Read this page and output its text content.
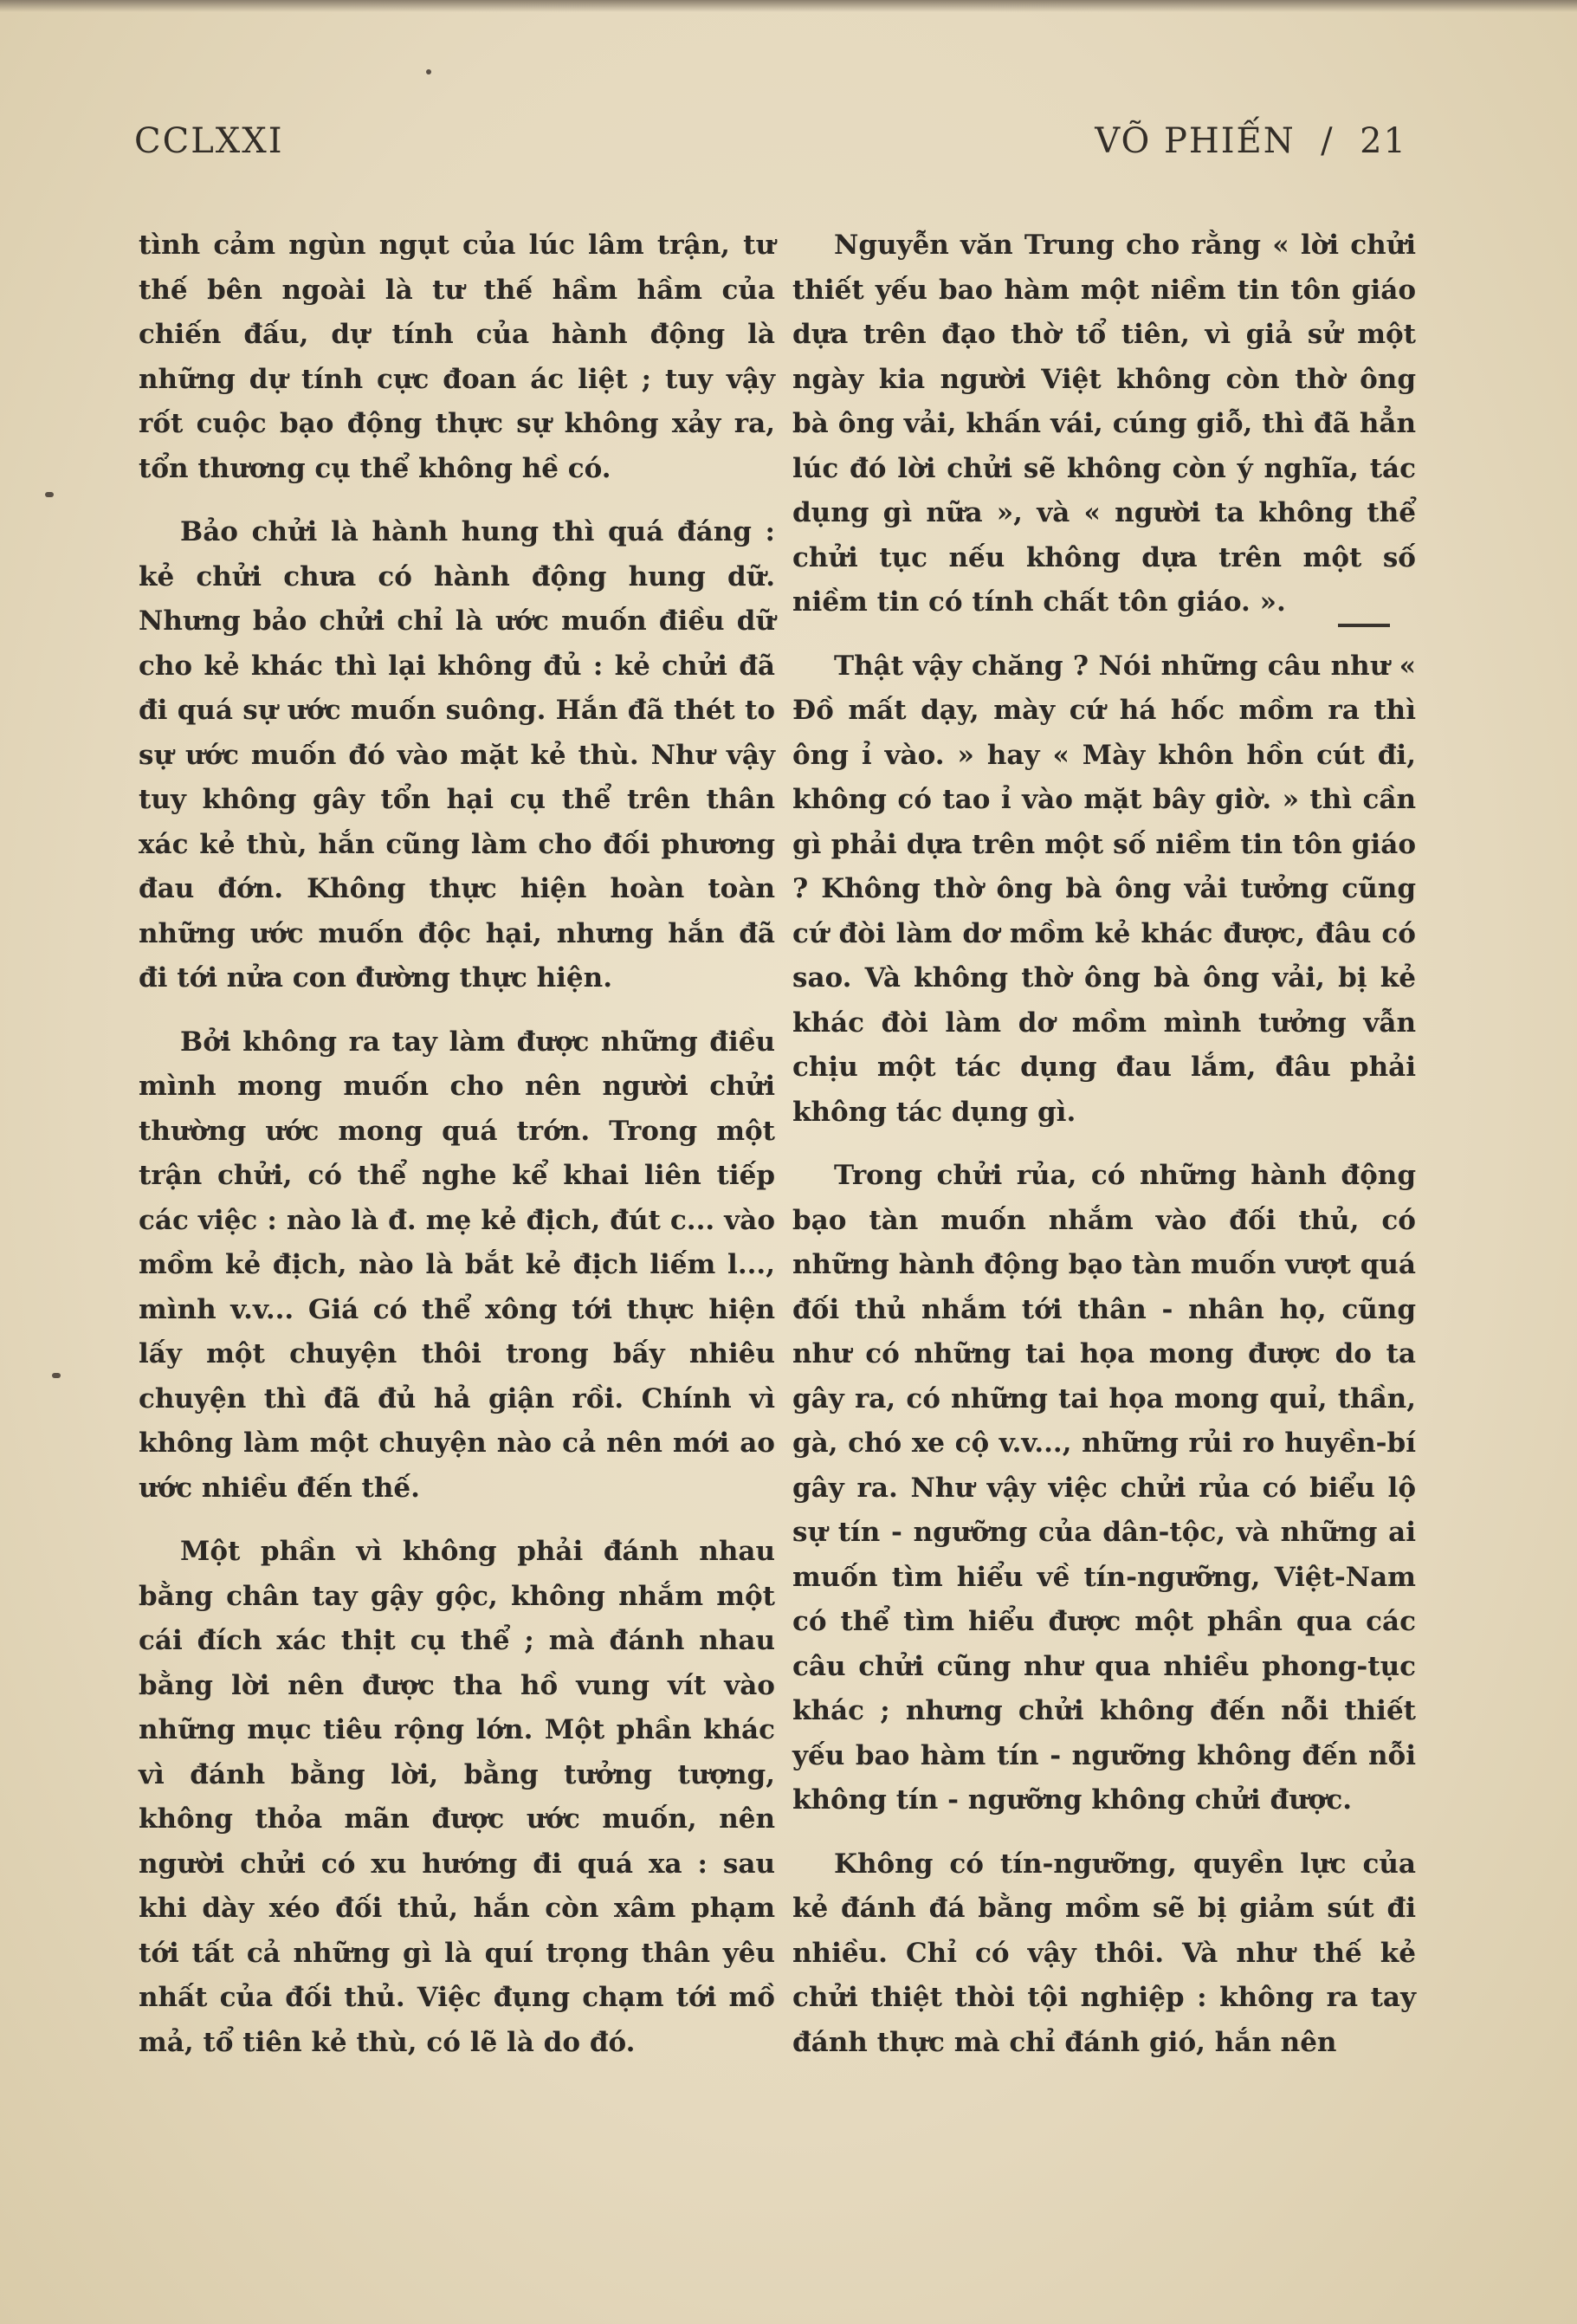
CCLXXI	VÕ PHIẾN  /  21

tình cảm ngùn ngụt của lúc lâm trận, tư thế bên ngoài là tư thế hầm hầm của chiến đấu, dự tính của hành động là những dự tính cực đoan ác liệt ; tuy vậy rốt cuộc bạo động thực sự không xảy ra, tổn thương cụ thể không hề có.

Bảo chửi là hành hung thì quá đáng : kẻ chửi chưa có hành động hung dữ. Nhưng bảo chửi chỉ là ước muốn điều dữ cho kẻ khác thì lại không đủ : kẻ chửi đã đi quá sự ước muốn suông. Hắn đã thét to sự ước muốn đó vào mặt kẻ thù. Như vậy tuy không gây tổn hại cụ thể trên thân xác kẻ thù, hắn cũng làm cho đối phương đau đớn. Không thực hiện hoàn toàn những ước muốn độc hại, nhưng hắn đã đi tới nửa con đường thực hiện.

Bởi không ra tay làm được những điều mình mong muốn cho nên người chửi thường ước mong quá trớn. Trong một trận chửi, có thể nghe kể khai liên tiếp các việc : nào là đ. mẹ kẻ địch, đút c... vào mồm kẻ địch, nào là bắt kẻ địch liếm l..., mình v.v... Giá có thể xông tới thực hiện lấy một chuyện thôi trong bấy nhiêu chuyện thì đã đủ hả giận rồi. Chính vì không làm một chuyện nào cả nên mới ao ước nhiều đến thế.

Một phần vì không phải đánh nhau bằng chân tay gậy gộc, không nhắm một cái đích xác thịt cụ thể ; mà đánh nhau bằng lời nên được tha hồ vung vít vào những mục tiêu rộng lớn. Một phần khác vì đánh bằng lời, bằng tưởng tượng, không thỏa mãn được ước muốn, nên người chửi có xu hướng đi quá xa : sau khi dày xéo đối thủ, hắn còn xâm phạm tới tất cả những gì là quí trọng thân yêu nhất của đối thủ. Việc đụng chạm tới mồ mả, tổ tiên kẻ thù, có lẽ là do đó.

Nguyễn văn Trung cho rằng « lời chửi thiết yếu bao hàm một niềm tin tôn giáo dựa trên đạo thờ tổ tiên, vì giả sử một ngày kia người Việt không còn thờ ông bà ông vải, khấn vái, cúng giỗ, thì đã hẳn lúc đó lời chửi sẽ không còn ý nghĩa, tác dụng gì nữa », và « người ta không thể chửi tục nếu không dựa trên một số niềm tin có tính chất tôn giáo. ».

Thật vậy chăng ? Nói những câu như « Đồ mất dạy, mày cứ há hốc mồm ra thì ông ỉ vào. » hay « Mày khôn hồn cút đi, không có tao ỉ vào mặt bây giờ. » thì cần gì phải dựa trên một số niềm tin tôn giáo ? Không thờ ông bà ông vải tưởng cũng cứ đòi làm dơ mồm kẻ khác được, đâu có sao. Và không thờ ông bà ông vải, bị kẻ khác đòi làm dơ mồm mình tưởng vẫn chịu một tác dụng đau lắm, đâu phải không tác dụng gì.

Trong chửi rủa, có những hành động bạo tàn muốn nhắm vào đối thủ, có những hành động bạo tàn muốn vượt quá đối thủ nhắm tới thân - nhân họ, cũng như có những tai họa mong được do ta gây ra, có những tai họa mong quỉ, thần, gà, chó xe cộ v.v..., những rủi ro huyền-bí gây ra. Như vậy việc chửi rủa có biểu lộ sự tín - ngưỡng của dân-tộc, và những ai muốn tìm hiểu về tín-ngưỡng, Việt-Nam có thể tìm hiểu được một phần qua các câu chửi cũng như qua nhiều phong-tục khác ; nhưng chửi không đến nỗi thiết yếu bao hàm tín - ngưỡng không đến nỗi không tín - ngưỡng không chửi được.

Không có tín-ngưỡng, quyền lực của kẻ đánh đá bằng mồm sẽ bị giảm sút đi nhiều. Chỉ có vậy thôi. Và như thế kẻ chửi thiệt thòi tội nghiệp : không ra tay đánh thực mà chỉ đánh gió, hắn nên
